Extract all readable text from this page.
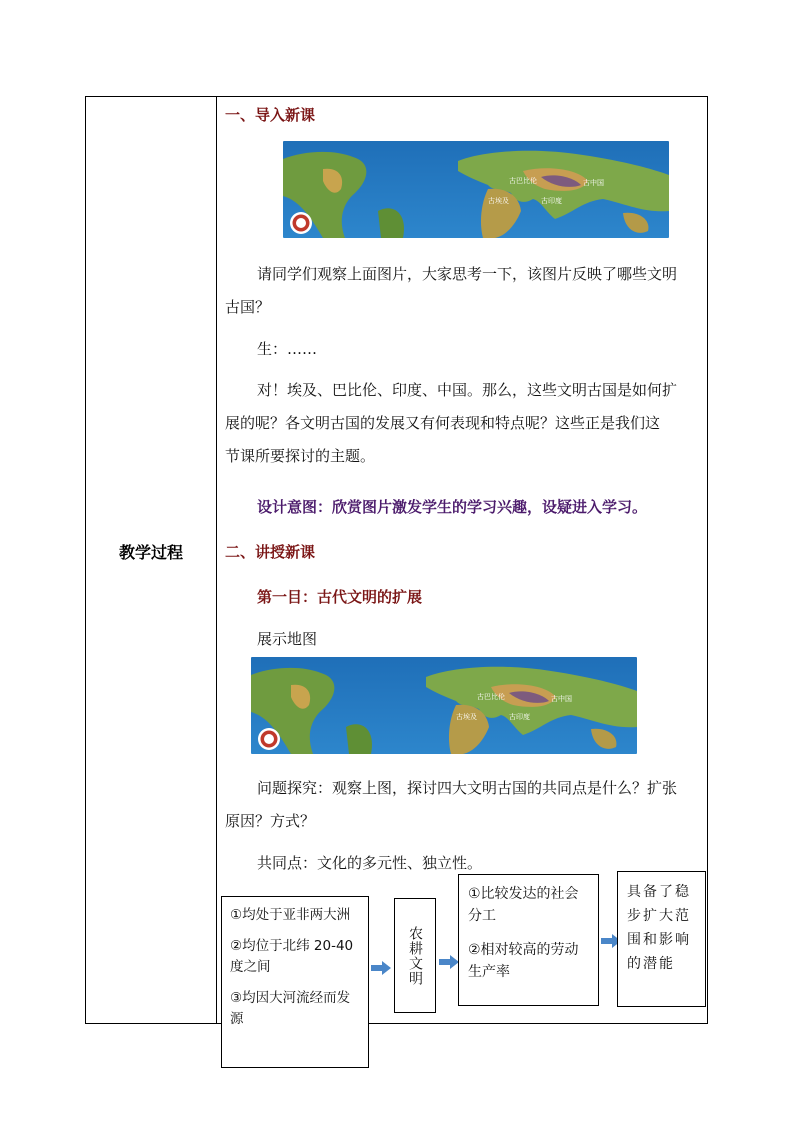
教学过程
一、导入新课
古埃及
古巴比伦
古印度
古中国
请同学们观察上面图片，大家思考一下，该图片反映了哪些文明
古国？
生：……
对！埃及、巴比伦、印度、中国。那么，这些文明古国是如何扩
展的呢？各文明古国的发展又有何表现和特点呢？这些正是我们这
节课所要探讨的主题。
设计意图：欣赏图片激发学生的学习兴趣，设疑进入学习。
二、讲授新课
第一目：古代文明的扩展
展示地图
古埃及
古巴比伦
古印度
古中国
问题探究：观察上图，探讨四大文明古国的共同点是什么？扩张
原因？方式？
共同点：文化的多元性、独立性。

①均处于亚非两大洲

②均位于北纬 20-40

度之间

③均因大河流经而发

源

农耕文明

①比较发达的社会

分工

②相对较高的劳动

生产率

具备了稳

步扩大范

围和影响

的潜能
